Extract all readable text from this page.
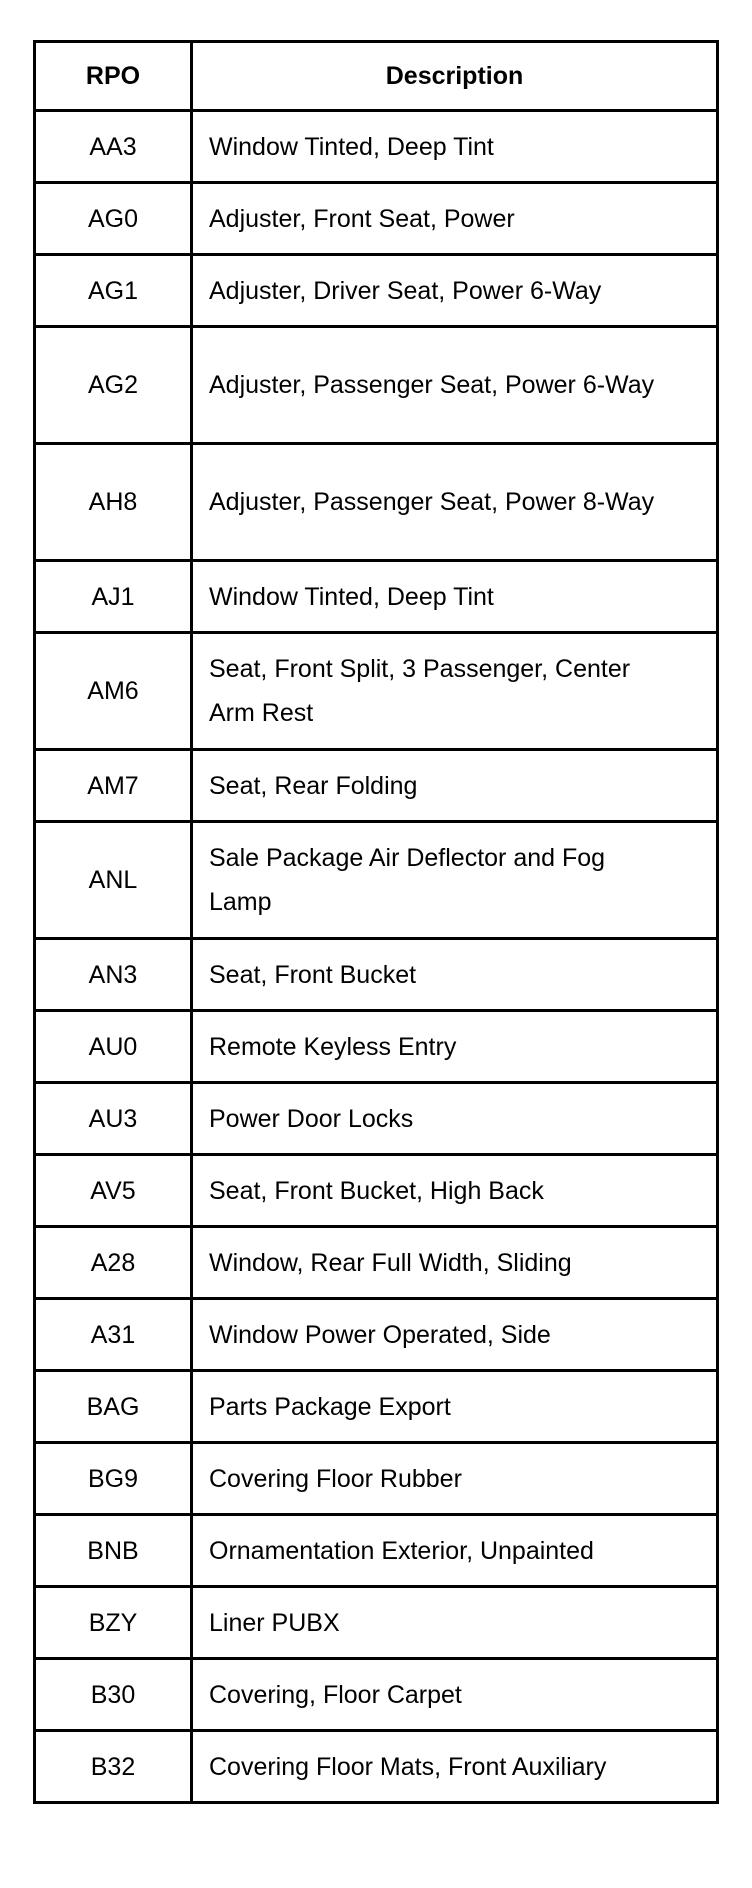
RPO	Description
AA3	Window Tinted, Deep Tint
AG0	Adjuster, Front Seat, Power
AG1	Adjuster, Driver Seat, Power 6-Way
AG2	Adjuster, Passenger Seat, Power 6-Way
AH8	Adjuster, Passenger Seat, Power 8-Way
AJ1	Window Tinted, Deep Tint
AM6	Seat, Front Split, 3 Passenger, Center Arm Rest
AM7	Seat, Rear Folding
ANL	Sale Package Air Deflector and Fog Lamp
AN3	Seat, Front Bucket
AU0	Remote Keyless Entry
AU3	Power Door Locks
AV5	Seat, Front Bucket, High Back
A28	Window, Rear Full Width, Sliding
A31	Window Power Operated, Side
BAG	Parts Package Export
BG9	Covering Floor Rubber
BNB	Ornamentation Exterior, Unpainted
BZY	Liner PUBX
B30	Covering, Floor Carpet
B32	Covering Floor Mats, Front Auxiliary
